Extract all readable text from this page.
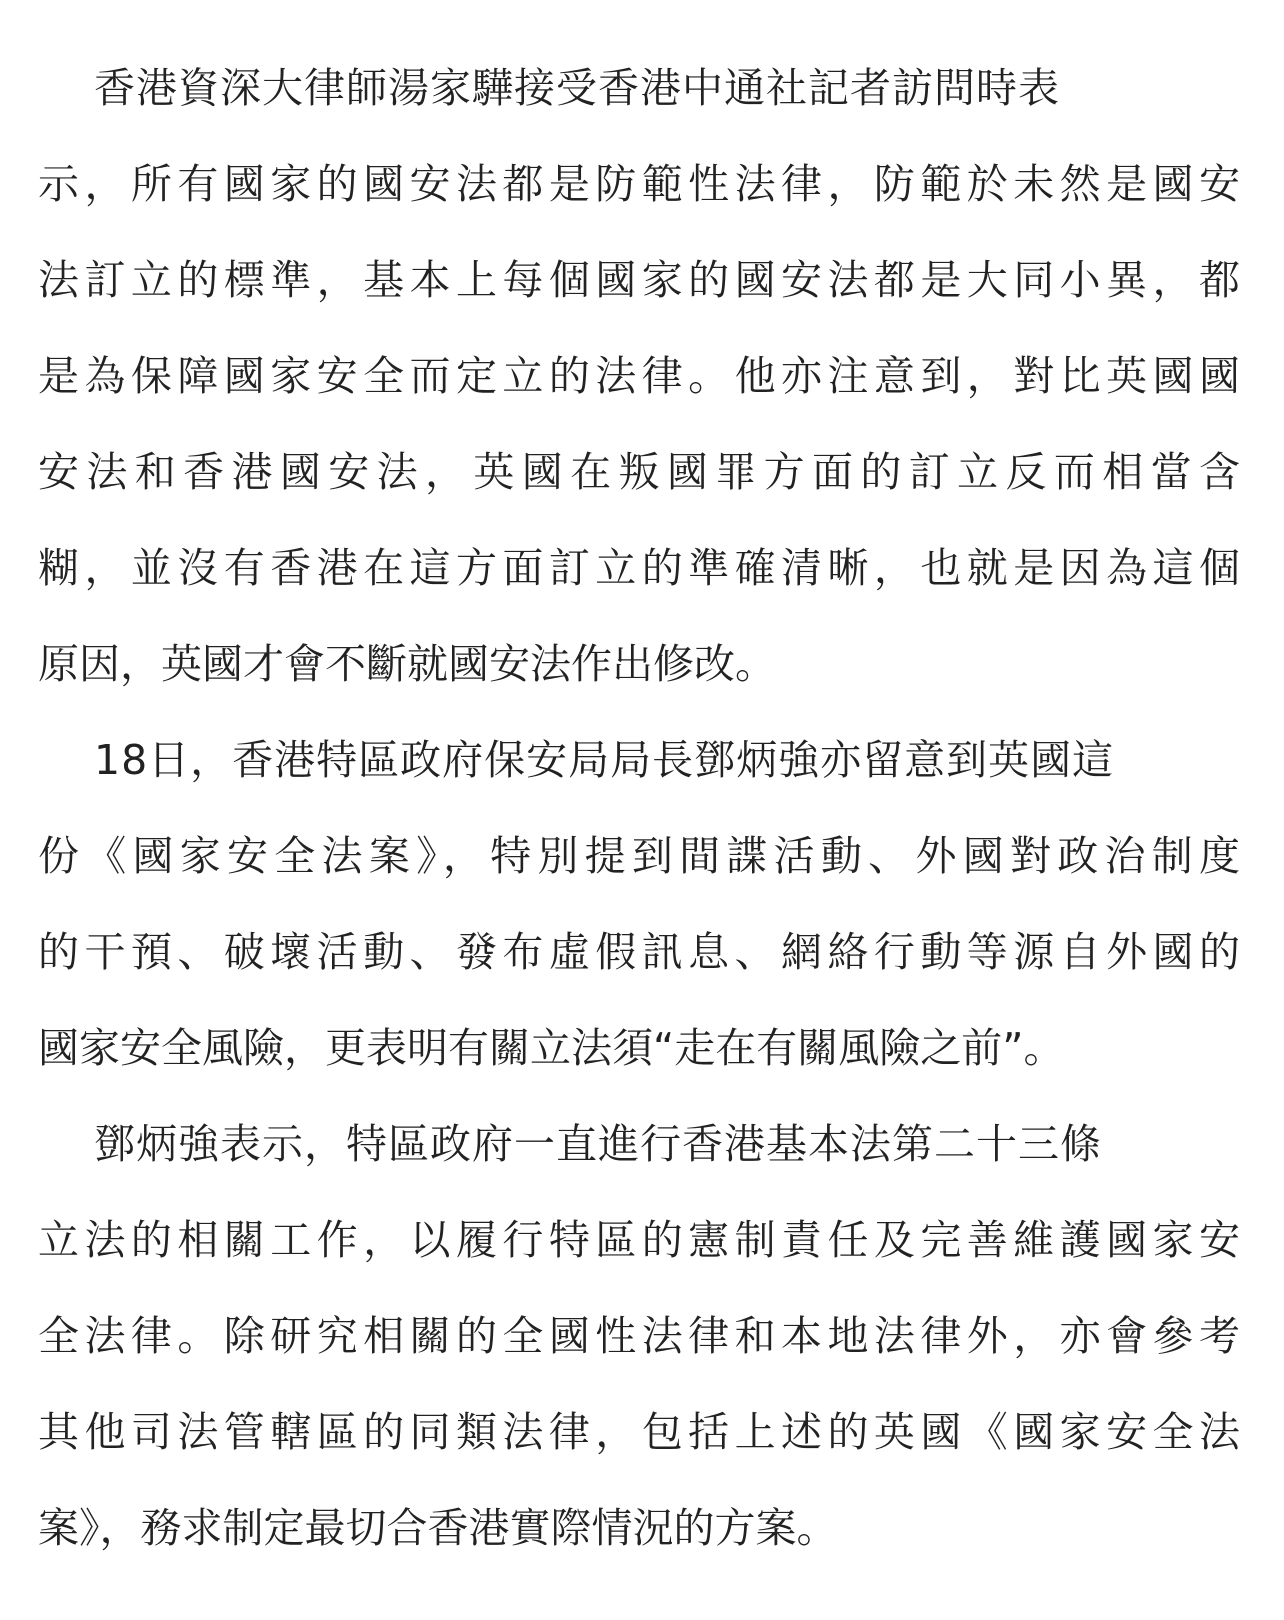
香港資深大律師湯家驊接受香港中通社記者訪問時表
示，所有國家的國安法都是防範性法律，防範於未然是國安
法訂立的標準，基本上每個國家的國安法都是大同小異，都
是為保障國家安全而定立的法律。他亦注意到，對比英國國
安法和香港國安法，英國在叛國罪方面的訂立反而相當含
糊，並沒有香港在這方面訂立的準確清晰，也就是因為這個
原因，英國才會不斷就國安法作出修改。
18日，香港特區政府保安局局長鄧炳強亦留意到英國這
份《國家安全法案》，特別提到間諜活動、外國對政治制度
的干預、破壞活動、發布虛假訊息、網絡行動等源自外國的
國家安全風險，更表明有關立法須“走在有關風險之前”。
鄧炳強表示，特區政府一直進行香港基本法第二十三條
立法的相關工作，以履行特區的憲制責任及完善維護國家安
全法律。除研究相關的全國性法律和本地法律外，亦會參考
其他司法管轄區的同類法律，包括上述的英國《國家安全法
案》，務求制定最切合香港實際情況的方案。
